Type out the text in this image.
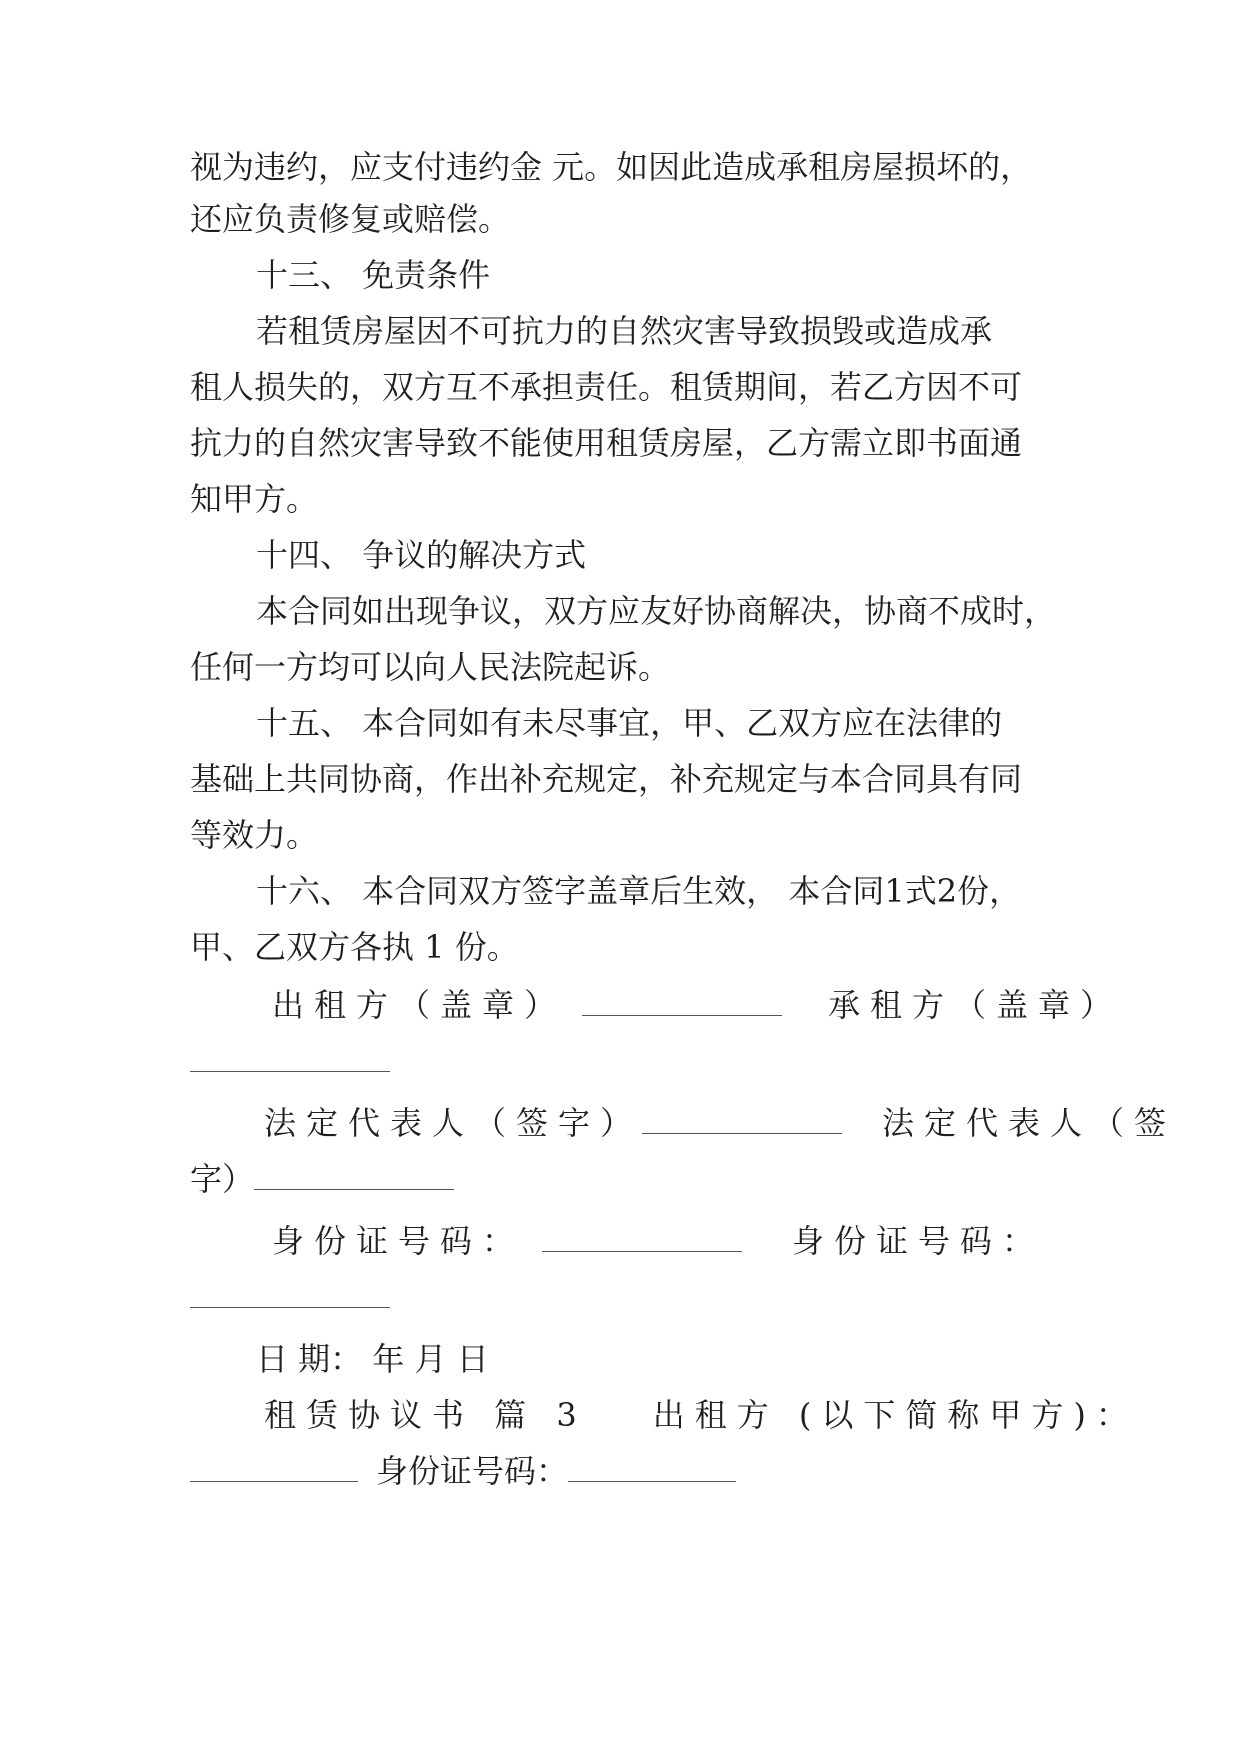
视为违约，应支付违约金 元。如因此造成承租房屋损坏的，
还应负责修复或赔偿。
十三、 免责条件
若租赁房屋因不可抗力的自然灾害导致损毁或造成承
租人损失的，双方互不承担责任。租赁期间，若乙方因不可
抗力的自然灾害导致不能使用租赁房屋，乙方需立即书面通
知甲方。
十四、 争议的解决方式
本合同如出现争议，双方应友好协商解决，协商不成时，
任何一方均可以向人民法院起诉。
十五、 本合同如有未尽事宜，甲、乙双方应在法律的
基础上共同协商，作出补充规定，补充规定与本合同具有同
等效力。
十六、 本合同双方签字盖章后生效， 本合同1式2份，
甲、乙双方各执 1 份。
出租方（盖章）	承租方（盖章）
法定代表人（签字）	法定代表人（签
字）
身份证号码：	身份证号码：
日 期： 年 月 日
租赁协议书 篇 3 出租方 (以下简称甲方)：
身份证号码：
